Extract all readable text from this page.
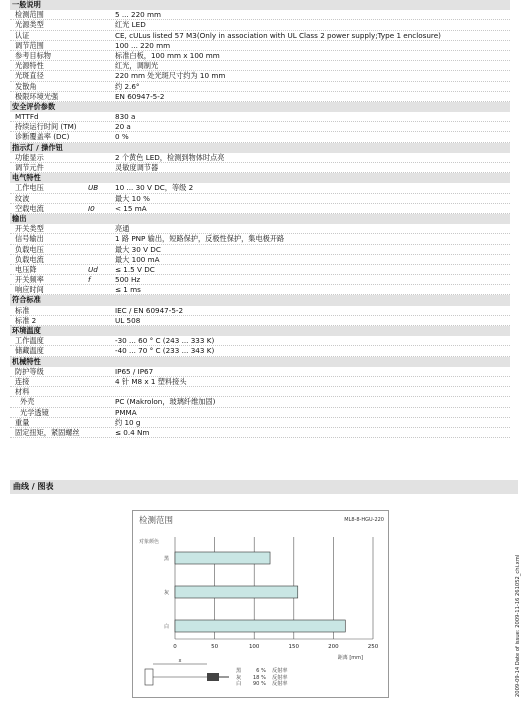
一般说明
检测范围	5 ... 220 mm
光源类型	红光 LED
认证	CE, cULus listed 57 M3(Only in association with UL Class 2 power supply;Type 1 enclosure)
调节范围	100 ... 220 mm
参考目标物	标准白板，100 mm x 100 mm
光源特性	红光，调制光
光斑直径	220 mm 处光斑尺寸约为 10 mm
发散角	约 2.6°
极限环境光强	EN 60947-5-2
安全评价参数
MTTFd	830 a
持续运行时间 (TM)	20 a
诊断覆盖率 (DC)	0 %
指示灯 / 操作钮
功能显示	2 个黄色 LED，检测到物体时点亮
调节元件	灵敏度调节器
电气特性
工作电压	UB 10 ... 30 V DC，等级 2
纹波	最大 10 %
空载电流	I0	< 15 mA
输出
开关类型	亮通
信号输出	1 路 PNP 输出，短路保护，反极性保护，集电极开路
负载电压	最大 30 V DC
负载电流	最大 100 mA
电压降	Ud ≤ 1.5 V DC
开关频率	f	500 Hz
响应时间	≤ 1 ms
符合标准
标准	IEC / EN 60947-5-2
标准 2	UL 508
环境温度
工作温度	-30 ... 60 ° C (243 ... 333 K)
储藏温度	-40 ... 70 ° C (233 ... 343 K)
机械特性
防护等级	IP65 / IP67
连接	4 针 M8 x 1 塑料接头
材料
外壳	PC (Makrolon，玻璃纤维加固)
光学透镜	PMMA
重量	约 10 g
固定扭矩，紧固螺丝	≤ 0.4 Nm
曲线 / 图表
检测范围	ML8-8-HGU-220
对象颜色
0	50	100	150	200	250
距离 [mm]
黑
灰
白
x
黑	6 % 反射率
灰	18 % 反射率
白	90 % 反射率	2009-09-14 Date of issue: 2009-11-16 261052_chi.xml
